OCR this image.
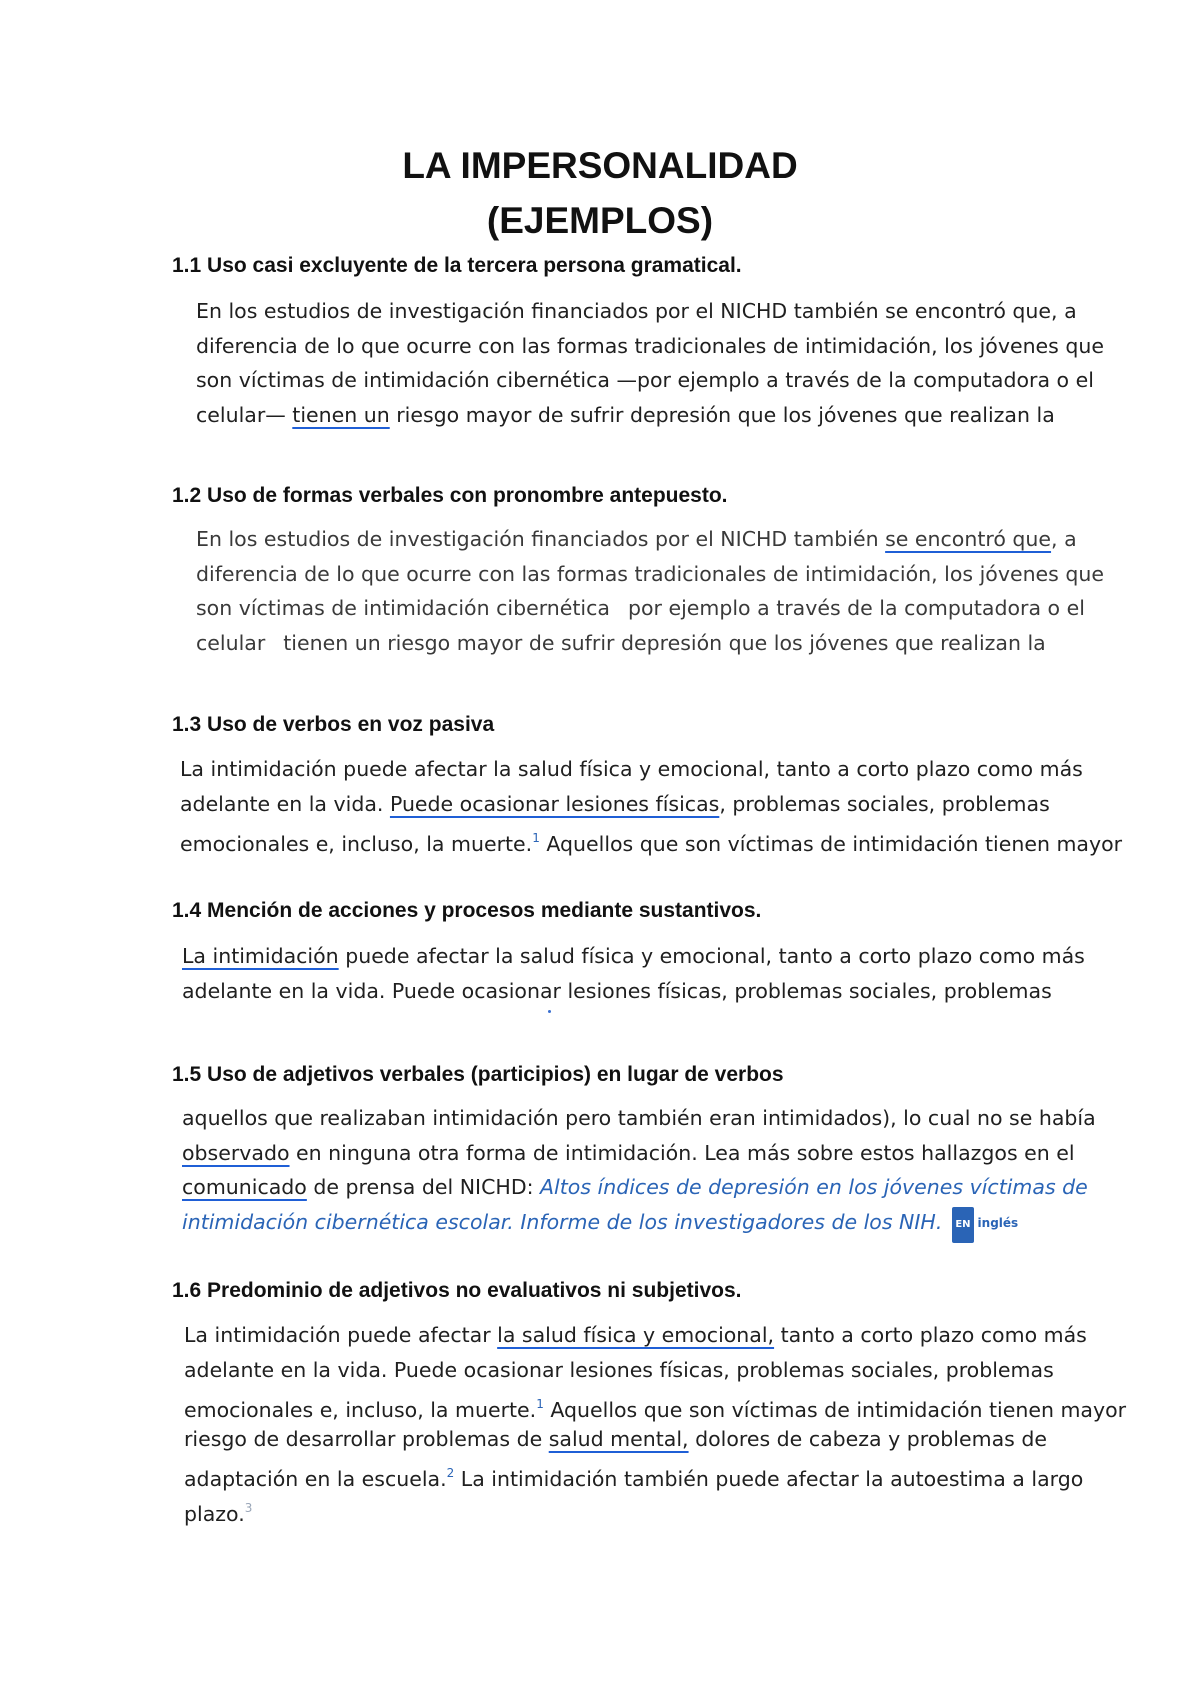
LA IMPERSONALIDAD
(EJEMPLOS)
1.1 Uso casi excluyente de la tercera persona gramatical.
En los estudios de investigación financiados por el NICHD también se encontró que, a
diferencia de lo que ocurre con las formas tradicionales de intimidación, los jóvenes que
son víctimas de intimidación cibernética —por ejemplo a través de la computadora o el
celular— tienen un riesgo mayor de sufrir depresión que los jóvenes que realizan la
1.2 Uso de formas verbales con pronombre antepuesto.
En los estudios de investigación financiados por el NICHD también se encontró que, a
diferencia de lo que ocurre con las formas tradicionales de intimidación, los jóvenes que
son víctimas de intimidación cibernética por ejemplo a través de la computadora o el
celular tienen un riesgo mayor de sufrir depresión que los jóvenes que realizan la
1.3 Uso de verbos en voz pasiva
La intimidación puede afectar la salud física y emocional, tanto a corto plazo como más
adelante en la vida. Puede ocasionar lesiones físicas, problemas sociales, problemas
emocionales e, incluso, la muerte.$^1$ Aquellos que son víctimas de intimidación tienen mayor
1.4 Mención de acciones y procesos mediante sustantivos.
La intimidación puede afectar la salud física y emocional, tanto a corto plazo como más
adelante en la vida. Puede ocasionar lesiones físicas, problemas sociales, problemas
1.5 Uso de adjetivos verbales (participios) en lugar de verbos
aquellos que realizaban intimidación pero también eran intimidados), lo cual no se había
observado en ninguna otra forma de intimidación. Lea más sobre estos hallazgos en el
comunicado de prensa del NICHD: Altos índices de depresión en los jóvenes víctimas de
intimidación cibernética escolar. Informe de los investigadores de los NIH. EN inglés
1.6 Predominio de adjetivos no evaluativos ni subjetivos.
La intimidación puede afectar la salud física y emocional, tanto a corto plazo como más
adelante en la vida. Puede ocasionar lesiones físicas, problemas sociales, problemas
emocionales e, incluso, la muerte.$^1$ Aquellos que son víctimas de intimidación tienen mayor
riesgo de desarrollar problemas de salud mental, dolores de cabeza y problemas de
adaptación en la escuela.$^2$ La intimidación también puede afectar la autoestima a largo
plazo.$^3$
